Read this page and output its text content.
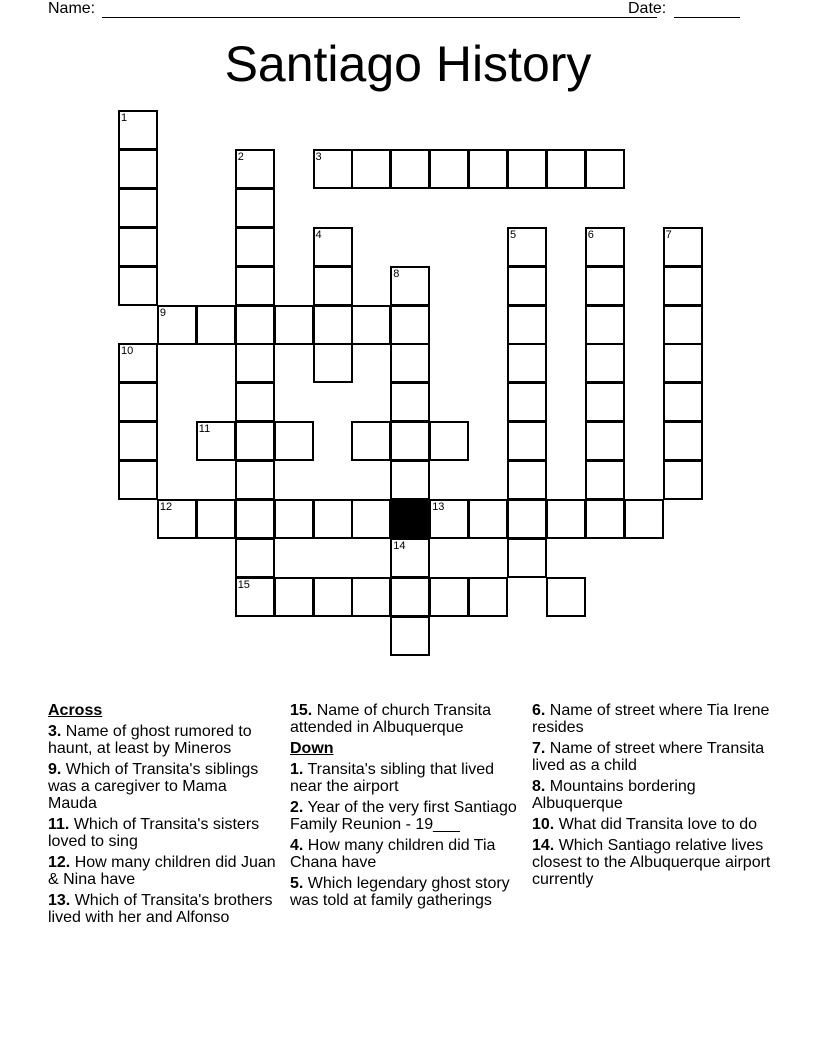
Name:	Date:
Santiago History
1
10
2	3
4	5	6	7
8
14
9
11
12	13
15
Across
3. Name of ghost rumored to haunt, at least by Mineros
9. Which of Transita's siblings was a caregiver to Mama Mauda
11. Which of Transita's sisters loved to sing
12. How many children did Juan & Nina have
13. Which of Transita's brothers lived with her and Alfonso
15. Name of church Transita attended in Albuquerque
Down
1. Transita's sibling that lived near the airport
2. Year of the very first Santiago Family Reunion - 19___
4. How many children did Tia Chana have
5. Which legendary ghost story was told at family gatherings
6. Name of street where Tia Irene resides
7. Name of street where Transita lived as a child
8. Mountains bordering Albuquerque
10. What did Transita love to do
14. Which Santiago relative lives closest to the Albuquerque airport currently
